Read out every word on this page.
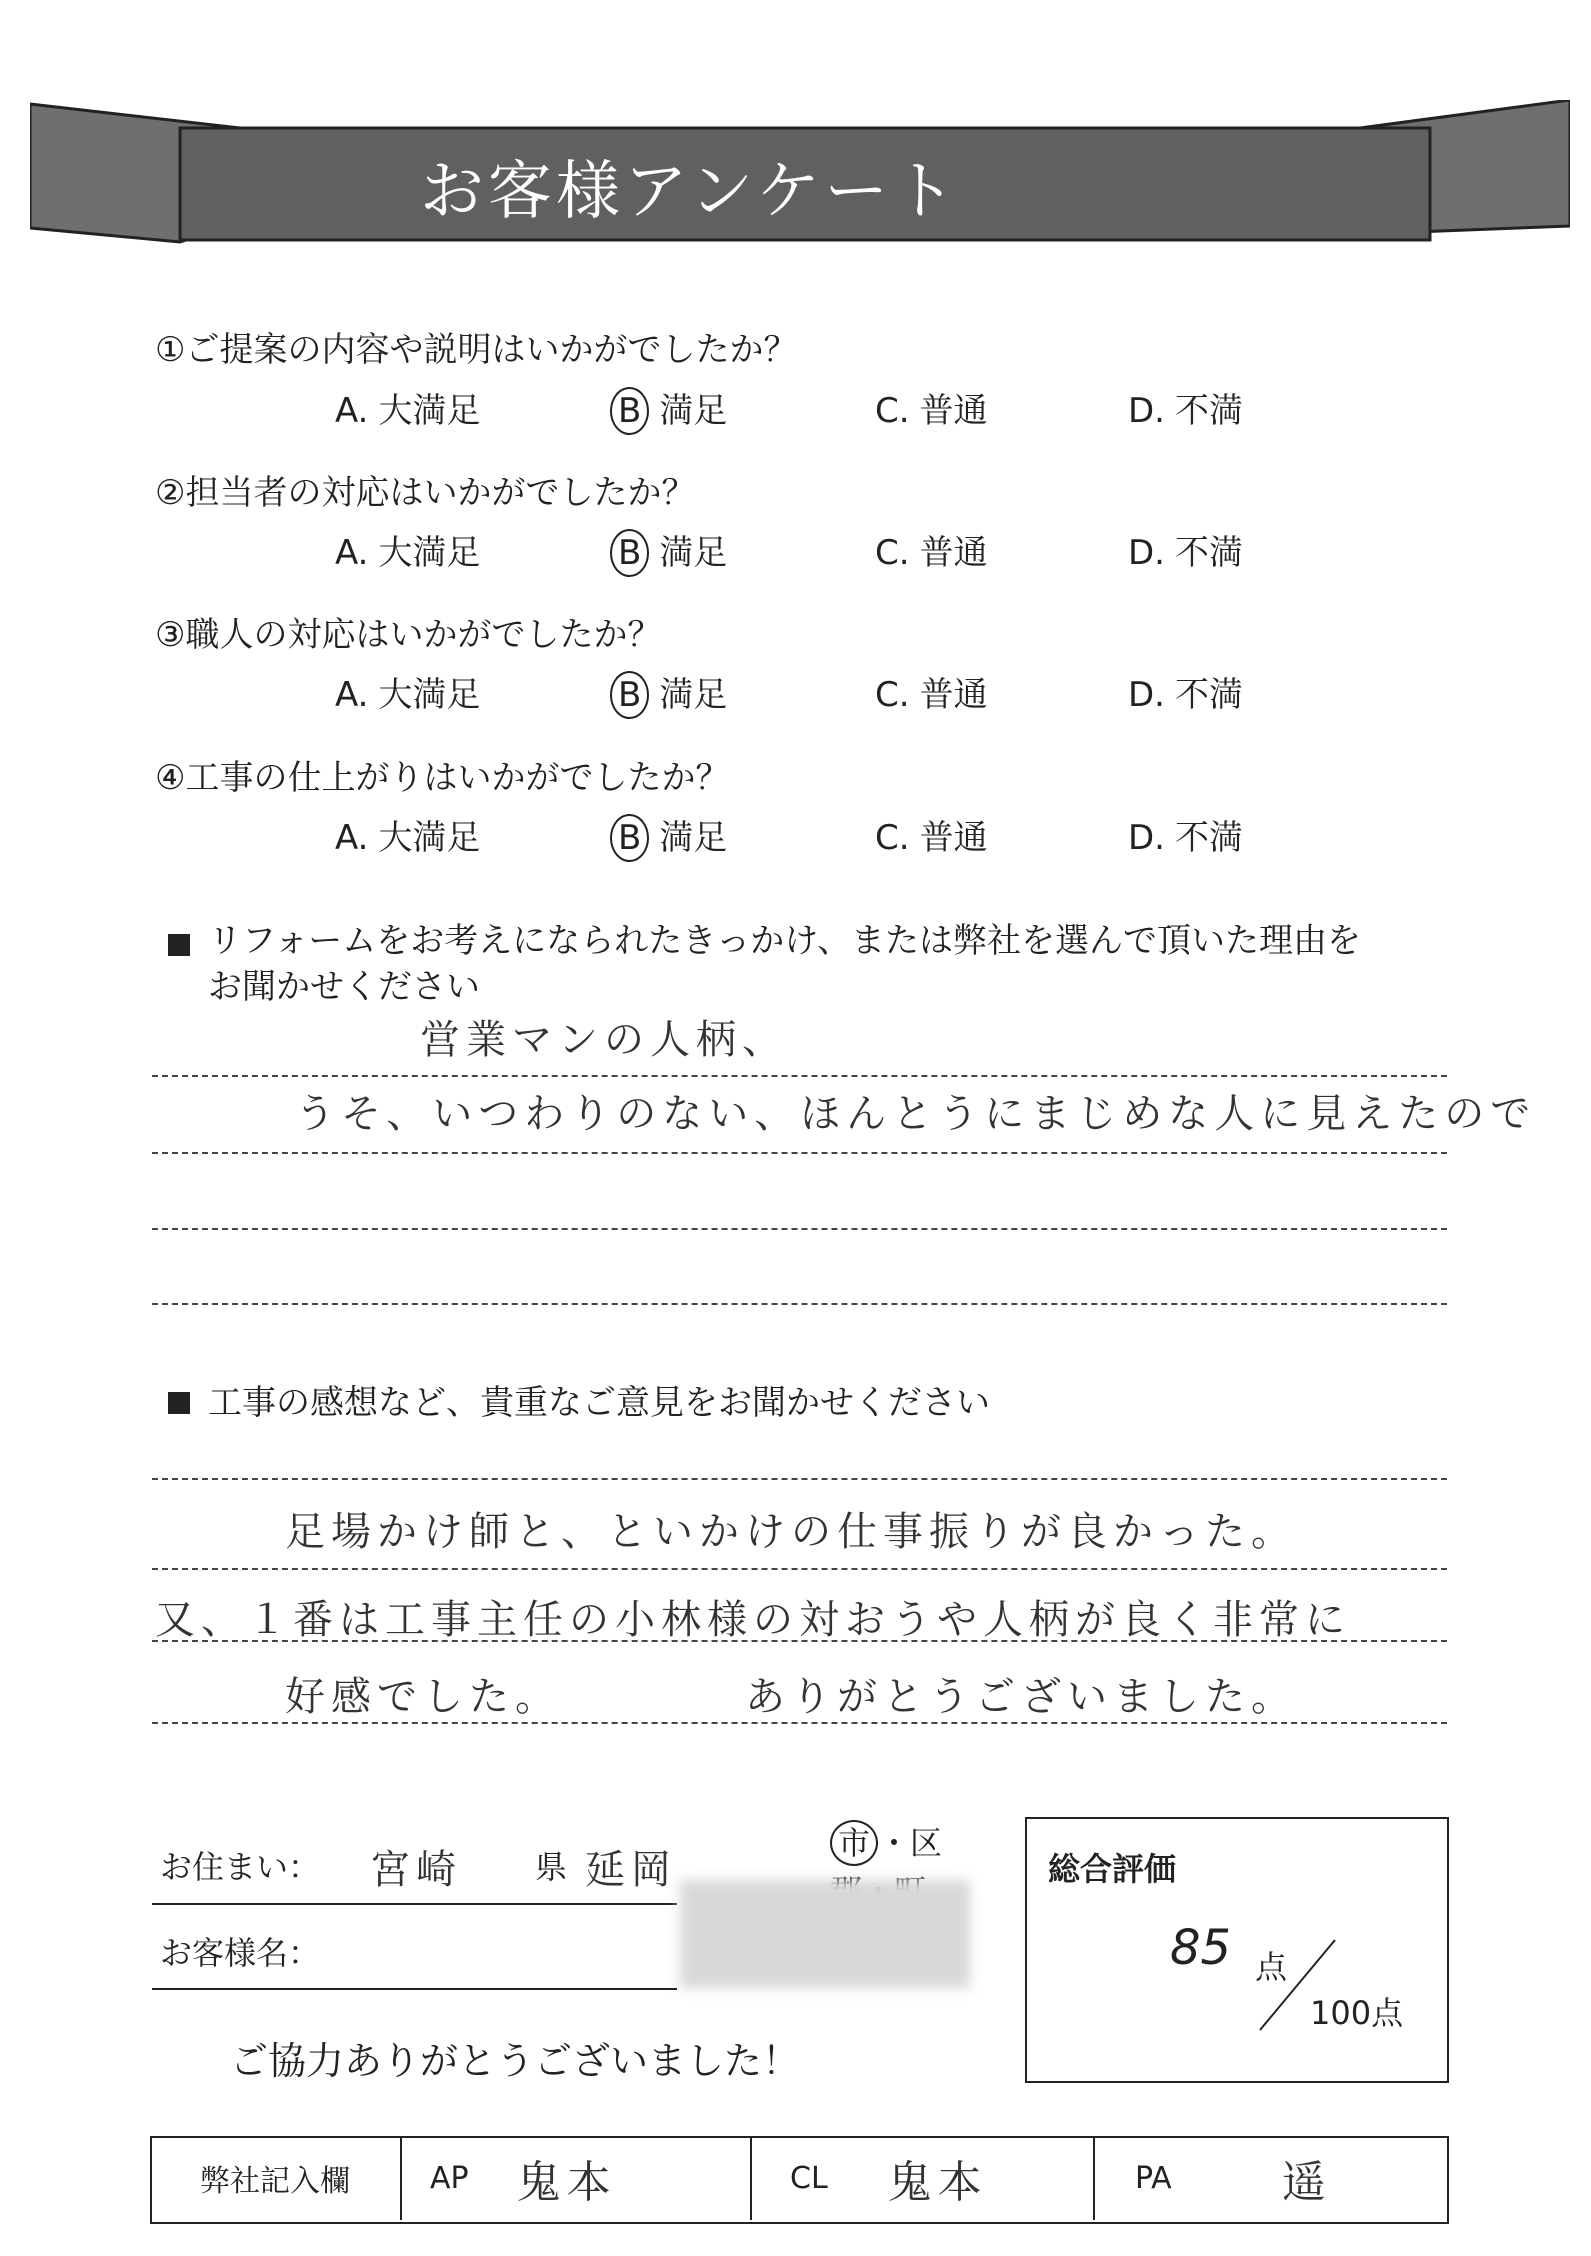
お客様アンケート
①ご提案の内容や説明はいかがでしたか？
②担当者の対応はいかがでしたか？
③職人の対応はいかがでしたか？
④工事の仕上がりはいかがでしたか？
A. 大満足	B 満足	C. 普通	D. 不満
A. 大満足	B 満足	C. 普通	D. 不満
A. 大満足	B 満足	C. 普通	D. 不満
A. 大満足	B 満足	C. 普通	D. 不満
リフォームをお考えになられたきっかけ、または弊社を選んで頂いた理由を
お聞かせください
営業マンの人柄、
うそ、いつわりのない、ほんとうにまじめな人に見えたので
工事の感想など、貴重なご意見をお聞かせください
足場かけ師と、といかけの仕事振りが良かった。
又、１番は工事主任の小林様の対おうや人柄が良く非常に
好感でした。	ありがとうございました。
お住まい： 宮崎 県 延岡
市 ・区
お客様名：
ご協力ありがとうございました！
総合評価
85 点
100点
弊社記入欄	AP 鬼本	CL 鬼本	PA	遥
